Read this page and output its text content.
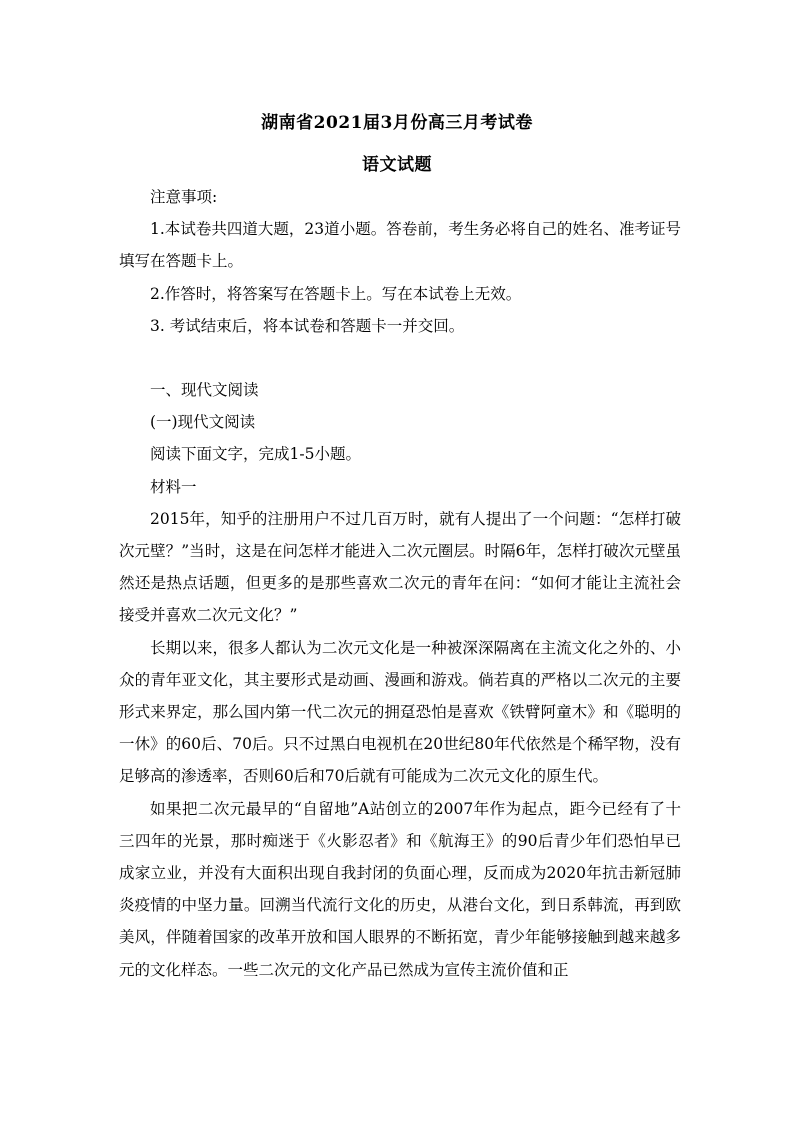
湖南省2021届3月份高三月考试卷
语文试题

注意事项:

1.本试卷共四道大题，23道小题。答卷前，考生务必将自己的姓名、准考证号填写在答题卡上。

2.作答时，将答案写在答题卡上。写在本试卷上无效。

3. 考试结束后，将本试卷和答题卡一并交回。

一、现代文阅读

(一)现代文阅读

阅读下面文字，完成1-5小题。

材料一

2015年，知乎的注册用户不过几百万时，就有人提出了一个问题：“怎样打破次元壁？”当时，这是在问怎样才能进入二次元圈层。时隔6年，怎样打破次元壁虽然还是热点话题，但更多的是那些喜欢二次元的青年在问：“如何才能让主流社会接受并喜欢二次元文化？”

长期以来，很多人都认为二次元文化是一种被深深隔离在主流文化之外的、小众的青年亚文化，其主要形式是动画、漫画和游戏。倘若真的严格以二次元的主要形式来界定，那么国内第一代二次元的拥趸恐怕是喜欢《铁臂阿童木》和《聪明的一休》的60后、70后。只不过黑白电视机在20世纪80年代依然是个稀罕物，没有足够高的渗透率，否则60后和70后就有可能成为二次元文化的原生代。

如果把二次元最早的“自留地”A站创立的2007年作为起点，距今已经有了十三四年的光景，那时痴迷于《火影忍者》和《航海王》的90后青少年们恐怕早已成家立业，并没有大面积出现自我封闭的负面心理，反而成为2020年抗击新冠肺炎疫情的中坚力量。回溯当代流行文化的历史，从港台文化，到日系韩流，再到欧美风，伴随着国家的改革开放和国人眼界的不断拓宽，青少年能够接触到越来越多元的文化样态。一些二次元的文化产品已然成为宣传主流价值和正
